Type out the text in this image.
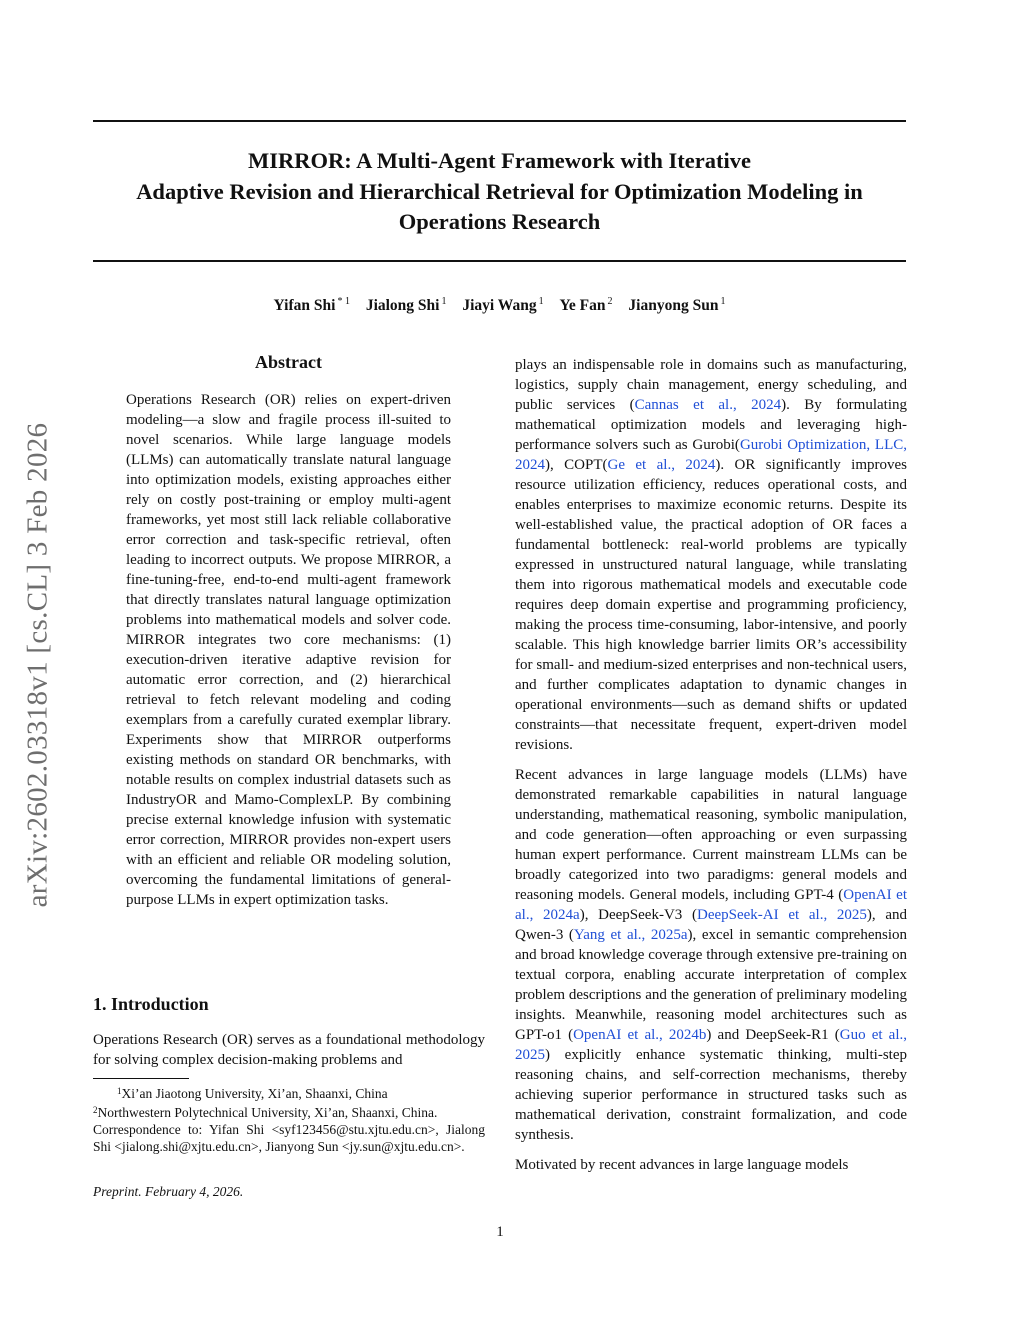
arXiv:2602.03318v1 [cs.CL] 3 Feb 2026
MIRROR: A Multi-Agent Framework with Iterative
Adaptive Revision and Hierarchical Retrieval for Optimization Modeling in
Operations Research
Yifan Shi $^{* 1}$ Jialong Shi $^1$ Jiayi Wang $^1$ Ye Fan $^2$ Jianyong Sun $^1$
Abstract
Operations Research (OR) relies on expert-driven modeling—a slow and fragile process ill-suited to novel scenarios. While large language models (LLMs) can automatically translate natural language into optimization models, existing approaches either rely on costly post-training or employ multi-agent frameworks, yet most still lack reliable collaborative error correction and task-specific retrieval, often leading to incorrect outputs. We propose MIRROR, a fine-tuning-free, end-to-end multi-agent framework that directly translates natural language optimization problems into mathematical models and solver code. MIRROR integrates two core mechanisms: (1) execution-driven iterative adaptive revision for automatic error correction, and (2) hierarchical retrieval to fetch relevant modeling and coding exemplars from a carefully curated exemplar library. Experiments show that MIRROR outperforms existing methods on standard OR benchmarks, with notable results on complex industrial datasets such as IndustryOR and Mamo-ComplexLP. By combining precise external knowledge infusion with systematic error correction, MIRROR provides non-expert users with an efficient and reliable OR modeling solution, overcoming the fundamental limitations of general-purpose LLMs in expert optimization tasks.
1. Introduction
Operations Research (OR) serves as a foundational methodology for solving complex decision-making problems and

$^1$Xi’an Jiaotong University, Xi’an, Shaanxi, China

$^2$Northwestern Polytechnical University, Xi’an, Shaanxi, China.

Correspondence to: Yifan Shi <syf123456@stu.xjtu.edu.cn>, Jialong Shi <jialong.shi@xjtu.edu.cn>, Jianyong Sun <jy.sun@xjtu.edu.cn>.

Preprint. February 4, 2026.

plays an indispensable role in domains such as manufacturing, logistics, supply chain management, energy scheduling, and public services (Cannas et al., 2024). By formulating mathematical optimization models and leveraging high-performance solvers such as Gurobi(Gurobi Optimization, LLC, 2024), COPT(Ge et al., 2024). OR significantly improves resource utilization efficiency, reduces operational costs, and enables enterprises to maximize economic returns. Despite its well-established value, the practical adoption of OR faces a fundamental bottleneck: real-world problems are typically expressed in unstructured natural language, while translating them into rigorous mathematical models and executable code requires deep domain expertise and programming proficiency, making the process time-consuming, labor-intensive, and poorly scalable. This high knowledge barrier limits OR’s accessibility for small- and medium-sized enterprises and non-technical users, and further complicates adaptation to dynamic changes in operational environments—such as demand shifts or updated constraints—that necessitate frequent, expert-driven model revisions.

Recent advances in large language models (LLMs) have demonstrated remarkable capabilities in natural language understanding, mathematical reasoning, symbolic manipulation, and code generation—often approaching or even surpassing human expert performance. Current mainstream LLMs can be broadly categorized into two paradigms: general models and reasoning models. General models, including GPT-4 (OpenAI et al., 2024a), DeepSeek-V3 (DeepSeek-AI et al., 2025), and Qwen-3 (Yang et al., 2025a), excel in semantic comprehension and broad knowledge coverage through extensive pre-training on textual corpora, enabling accurate interpretation of complex problem descriptions and the generation of preliminary modeling insights. Meanwhile, reasoning model architectures such as GPT-o1 (OpenAI et al., 2024b) and DeepSeek-R1 (Guo et al., 2025) explicitly enhance systematic thinking, multi-step reasoning chains, and self-correction mechanisms, thereby achieving superior performance in structured tasks such as mathematical derivation, constraint formalization, and code synthesis.

Motivated by recent advances in large language models

1
